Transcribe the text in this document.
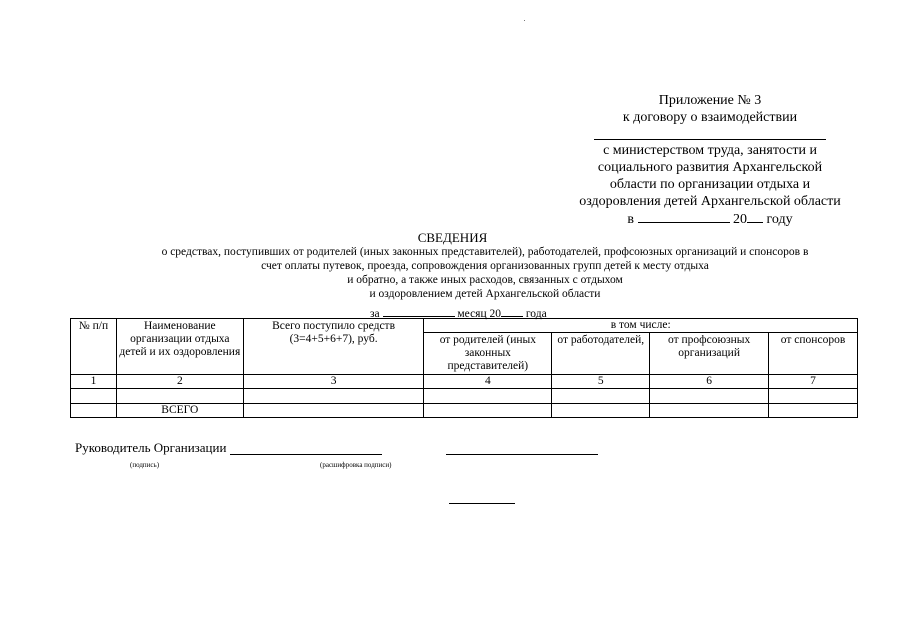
Приложение № 3
к договору о взаимодействии
с министерством труда, занятости и
социального развития Архангельской
области по организации отдыха и
оздоровления детей Архангельской области
в	20 году
СВЕДЕНИЯ
о средствах, поступивших от родителей (иных законных представителей), работодателей, профсоюзных организаций и спонсоров в
счет оплаты путевок, проезда, сопровождения организованных групп детей к месту отдыха
и обратно, а также иных расходов, связанных с отдыхом
и оздоровлением детей Архангельской области
за	месяц 20 года
№ п/п	Наименование организации отдыха детей и их оздоровления	Всего поступило средств (3=4+5+6+7), руб.	в том числе:			
			от родителей (иных законных представителей)	от работодателей,	от профсоюзных организаций	от спонсоров
1	2	3	4	5	6	7

	ВСЕГО					
Руководитель Организации
(подпись)	(расшифровка подписи)
